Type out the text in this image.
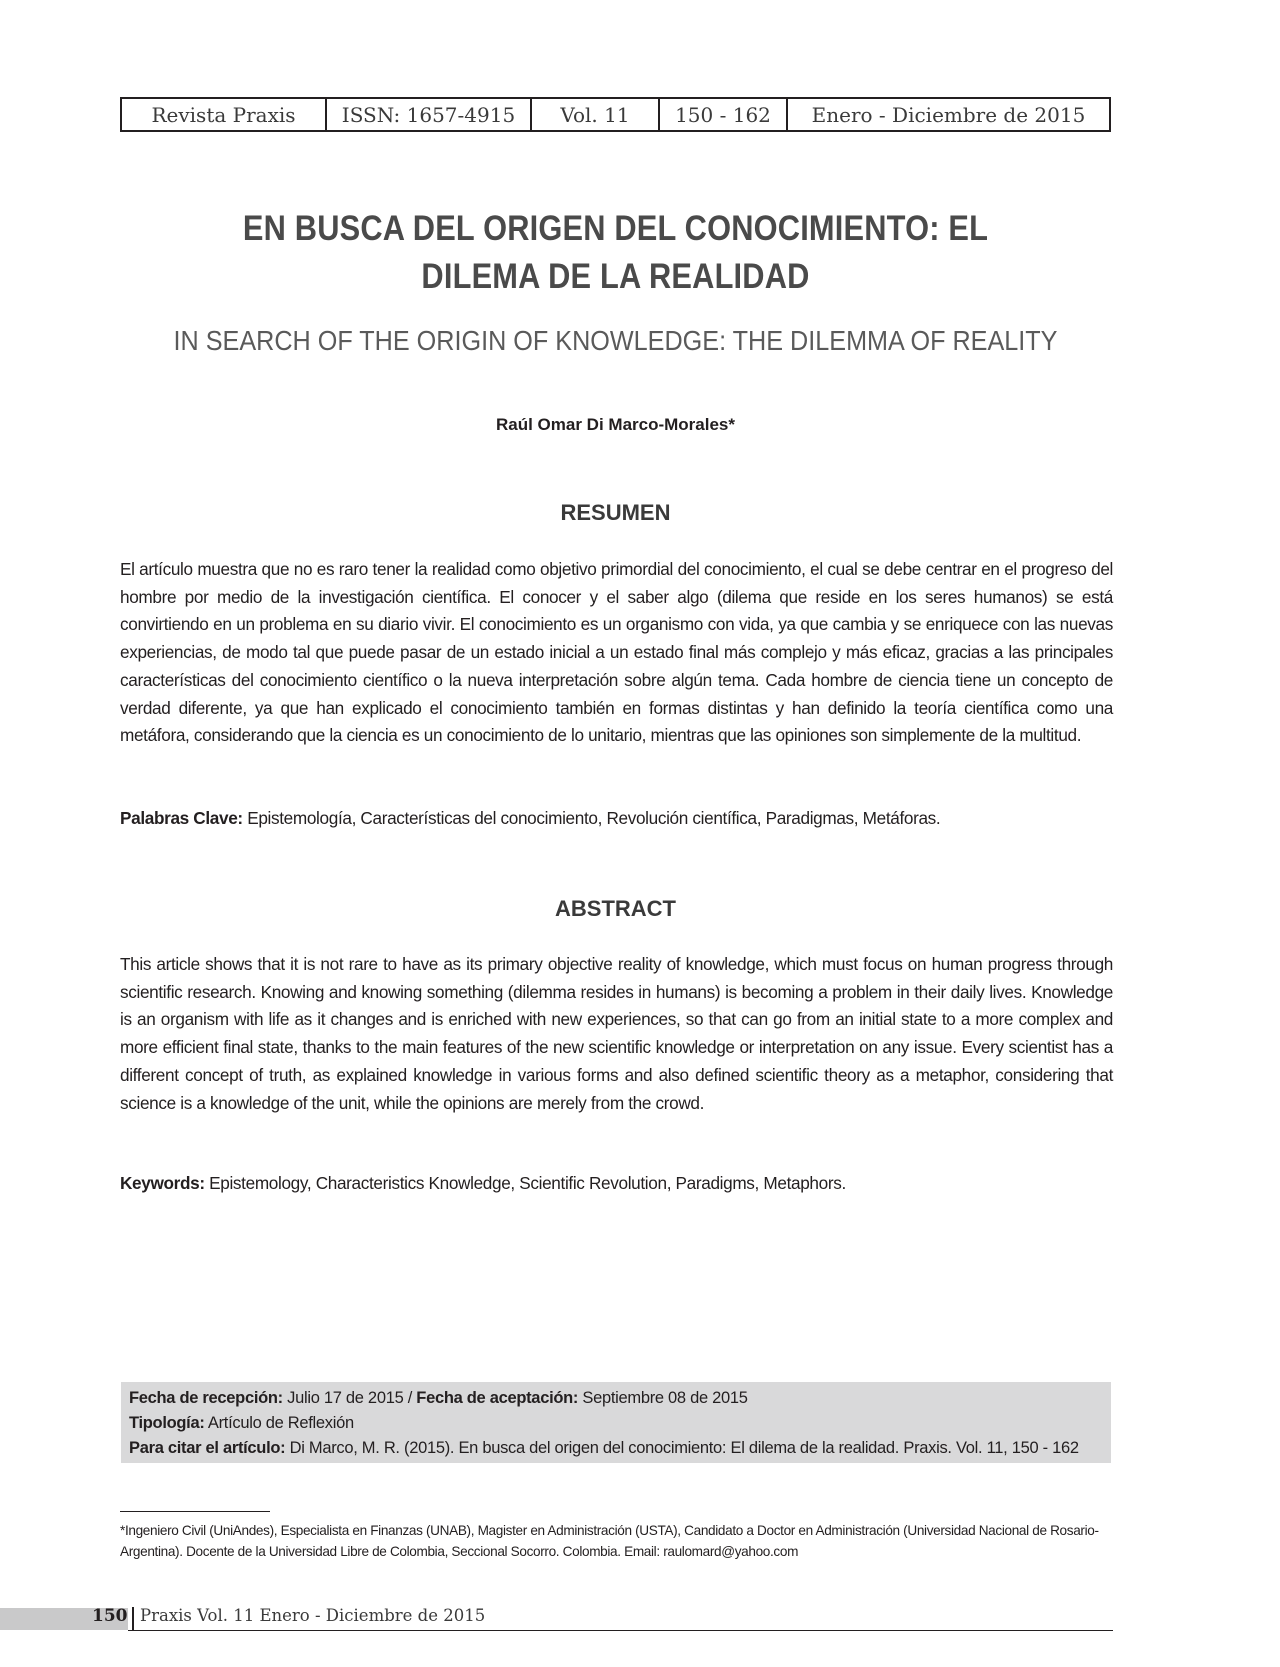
Revista Praxis	ISSN: 1657-4915	Vol. 11	150 - 162	Enero - Diciembre de 2015
EN BUSCA DEL ORIGEN DEL CONOCIMIENTO: EL DILEMA DE LA REALIDAD
IN SEARCH OF THE ORIGIN OF KNOWLEDGE: THE DILEMMA OF REALITY
Raúl Omar Di Marco-Morales*
RESUMEN
El artículo muestra que no es raro tener la realidad como objetivo primordial del conocimiento, el cual se debe centrar en el progreso del hombre por medio de la investigación científica. El conocer y el saber algo (dilema que reside en los seres humanos) se está convirtiendo en un problema en su diario vivir. El conocimiento es un organismo con vida, ya que cambia y se enriquece con las nuevas experiencias, de modo tal que puede pasar de un estado inicial a un estado final más complejo y más eficaz, gracias a las principales características del conocimiento científico o la nueva interpretación sobre algún tema. Cada hombre de ciencia tiene un concepto de verdad diferente, ya que han explicado el conocimiento también en formas distintas y han definido la teoría científica como una metáfora, considerando que la ciencia es un conocimiento de lo unitario, mientras que las opiniones son simplemente de la multitud.
Palabras Clave: Epistemología, Características del conocimiento, Revolución científica, Paradigmas, Metáforas.
ABSTRACT
This article shows that it is not rare to have as its primary objective reality of knowledge, which must focus on human progress through scientific research. Knowing and knowing something (dilemma resides in humans) is becoming a problem in their daily lives. Knowledge is an organism with life as it changes and is enriched with new experiences, so that can go from an initial state to a more complex and more efficient final state, thanks to the main features of the new scientific knowledge or interpretation on any issue. Every scientist has a different concept of truth, as explained knowledge in various forms and also defined scientific theory as a metaphor, considering that science is a knowledge of the unit, while the opinions are merely from the crowd.
Keywords: Epistemology, Characteristics Knowledge, Scientific Revolution, Paradigms, Metaphors.
Fecha de recepción: Julio 17 de 2015 / Fecha de aceptación: Septiembre 08 de 2015
Tipología: Artículo de Reflexión
Para citar el artículo: Di Marco, M. R. (2015). En busca del origen del conocimiento: El dilema de la realidad. Praxis. Vol. 11, 150 - 162
*Ingeniero Civil (UniAndes), Especialista en Finanzas (UNAB), Magister en Administración (USTA), Candidato a Doctor en Administración (Universidad Nacional de Rosario-Argentina). Docente de la Universidad Libre de Colombia, Seccional Socorro. Colombia. Email: raulomard@yahoo.com
150 Praxis Vol. 11 Enero - Diciembre de 2015
